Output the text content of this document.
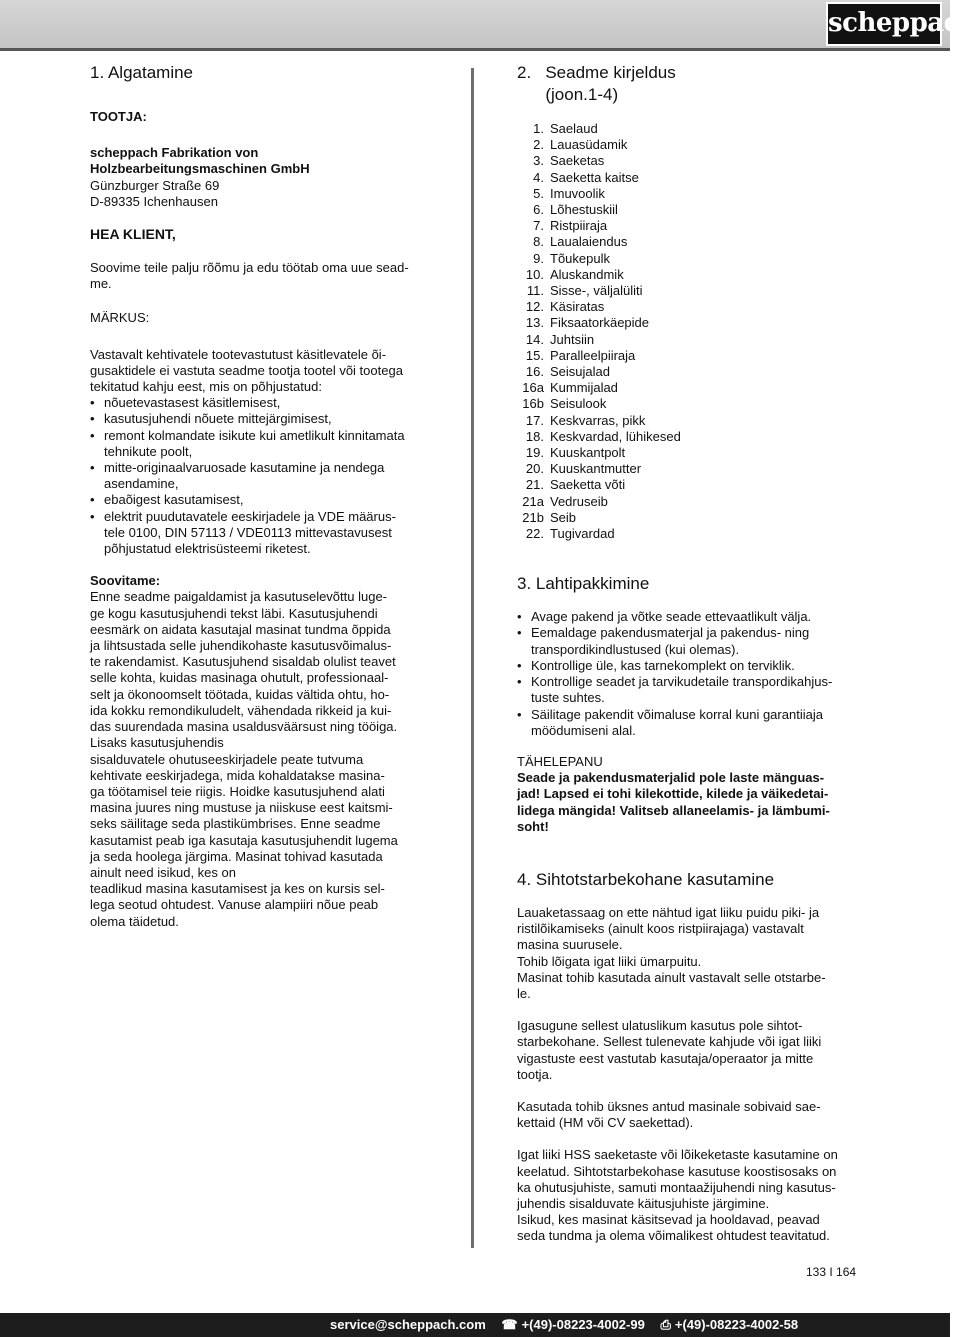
scheppach
1. Algatamine

TOOTJA:

scheppach Fabrikation von

Holzbearbeitungsmaschinen GmbH

Günzburger Straße 69

D-89335 Ichenhausen

HEA KLIENT,

Soovime teile palju rõõmu ja edu töötab oma uue sead-
me.

MÄRKUS:

Vastavalt kehtivatele tootevastutust käsitlevatele õi-
gusaktidele ei vastuta seadme tootja tootel või tootega
tekitatud kahju eest, mis on põhjustatud:

• nõuetevastasest käsitlemisest,
• kasutusjuhendi nõuete mittejärgimisest,
• remont kolmandate isikute kui ametlikult kinnitamata
tehnikute poolt,
• mitte-originaalvaruosade kasutamine ja nendega
asendamine,
• ebaõigest kasutamisest,
• elektrit puudutavatele eeskirjadele ja VDE määrus-
tele 0100, DIN 57113 / VDE0113 mittevastavusest
põhjustatud elektrisüsteemi riketest.

Soovitame:

Enne seadme paigaldamist ja kasutuselevõttu luge-
ge kogu kasutusjuhendi tekst läbi. Kasutusjuhendi
eesmärk on aidata kasutajal masinat tundma õppida
ja lihtsustada selle juhendikohaste kasutusvõimalus-
te rakendamist. Kasutusjuhend sisaldab olulist teavet
selle kohta, kuidas masinaga ohutult, professionaal-
selt ja ökonoomselt töötada, kuidas vältida ohtu, ho-
ida kokku remondikuludelt, vähendada rikkeid ja kui-
das suurendada masina usaldusväärsust ning tööiga.
Lisaks kasutusjuhendis
sisalduvatele ohutuseeskirjadele peate tutvuma
kehtivate eeskirjadega, mida kohaldatakse masina-
ga töötamisel teie riigis. Hoidke kasutusjuhend alati
masina juures ning mustuse ja niiskuse eest kaitsmi-
seks säilitage seda plastikümbrises. Enne seadme
kasutamist peab iga kasutaja kasutusjuhendit lugema
ja seda hoolega järgima. Masinat tohivad kasutada
ainult need isikud, kes on
teadlikud masina kasutamisest ja kes on kursis sel-
lega seotud ohtudest. Vanuse alampiiri nõue peab
olema täidetud.

2.   Seadme kirjeldus
(joon.1-4)
1. Saelaud
2. Lauasüdamik
3. Saeketas
4. Saeketta kaitse
5. Imuvoolik
6. Lõhestuskiil
7. Ristpiiraja
8. Laualaiendus
9. Tõukepulk
10. Aluskandmik
11. Sisse-, väljalüliti
12. Käsiratas
13. Fiksaatorkäepide
14. Juhtsiin
15. Paralleelpiiraja
16. Seisujalad
16a Kummijalad
16b Seisulook
17. Keskvarras, pikk
18. Keskvardad, lühikesed
19. Kuuskantpolt
20. Kuuskantmutter
21. Saeketta võti
21a Vedruseib
21b Seib
22. Tugivardad
3. Lahtipakkimine
• Avage pakend ja võtke seade ettevaatlikult välja.
• Eemaldage pakendusmaterjal ja pakendus- ning
transpordikindlustused (kui olemas).
• Kontrollige üle, kas tarnekomplekt on terviklik.
• Kontrollige seadet ja tarvikudetaile transpordikahjus-
tuste suhtes.
• Säilitage pakendit võimaluse korral kuni garantiiaja
möödumiseni alal.

TÄHELEPANU

Seade ja pakendusmaterjalid pole laste mänguas-
jad! Lapsed ei tohi kilekottide, kilede ja väikedetai-
lidega mängida! Valitseb allaneelamis- ja lämbumi-
soht!

4. Sihtotstarbekohane kasutamine

Lauaketassaag on ette nähtud igat liiku puidu piki- ja
ristilõikamiseks (ainult koos ristpiirajaga) vastavalt
masina suurusele.
Tohib lõigata igat liiki ümarpuitu.
Masinat tohib kasutada ainult vastavalt selle otstarbe-
le.

Igasugune sellest ulatuslikum kasutus pole sihtot-
starbekohane. Sellest tulenevate kahjude või igat liiki
vigastuste eest vastutab kasutaja/operaator ja mitte
tootja.

Kasutada tohib üksnes antud masinale sobivaid sae-
kettaid (HM või CV saekettad).

Igat liiki HSS saeketaste või lõikeketaste kasutamine on
keelatud. Sihtotstarbekohase kasutuse koostisosaks on
ka ohutusjuhiste, samuti montaažijuhendi ning kasutus-
juhendis sisalduvate käitusjuhiste järgimine.
Isikud, kes masinat käsitsevad ja hooldavad, peavad
seda tundma ja olema võimalikest ohtudest teavitatud.

133 I 164
service@scheppach.com ☎ +(49)-08223-4002-99 ⎙ +(49)-08223-4002-58
